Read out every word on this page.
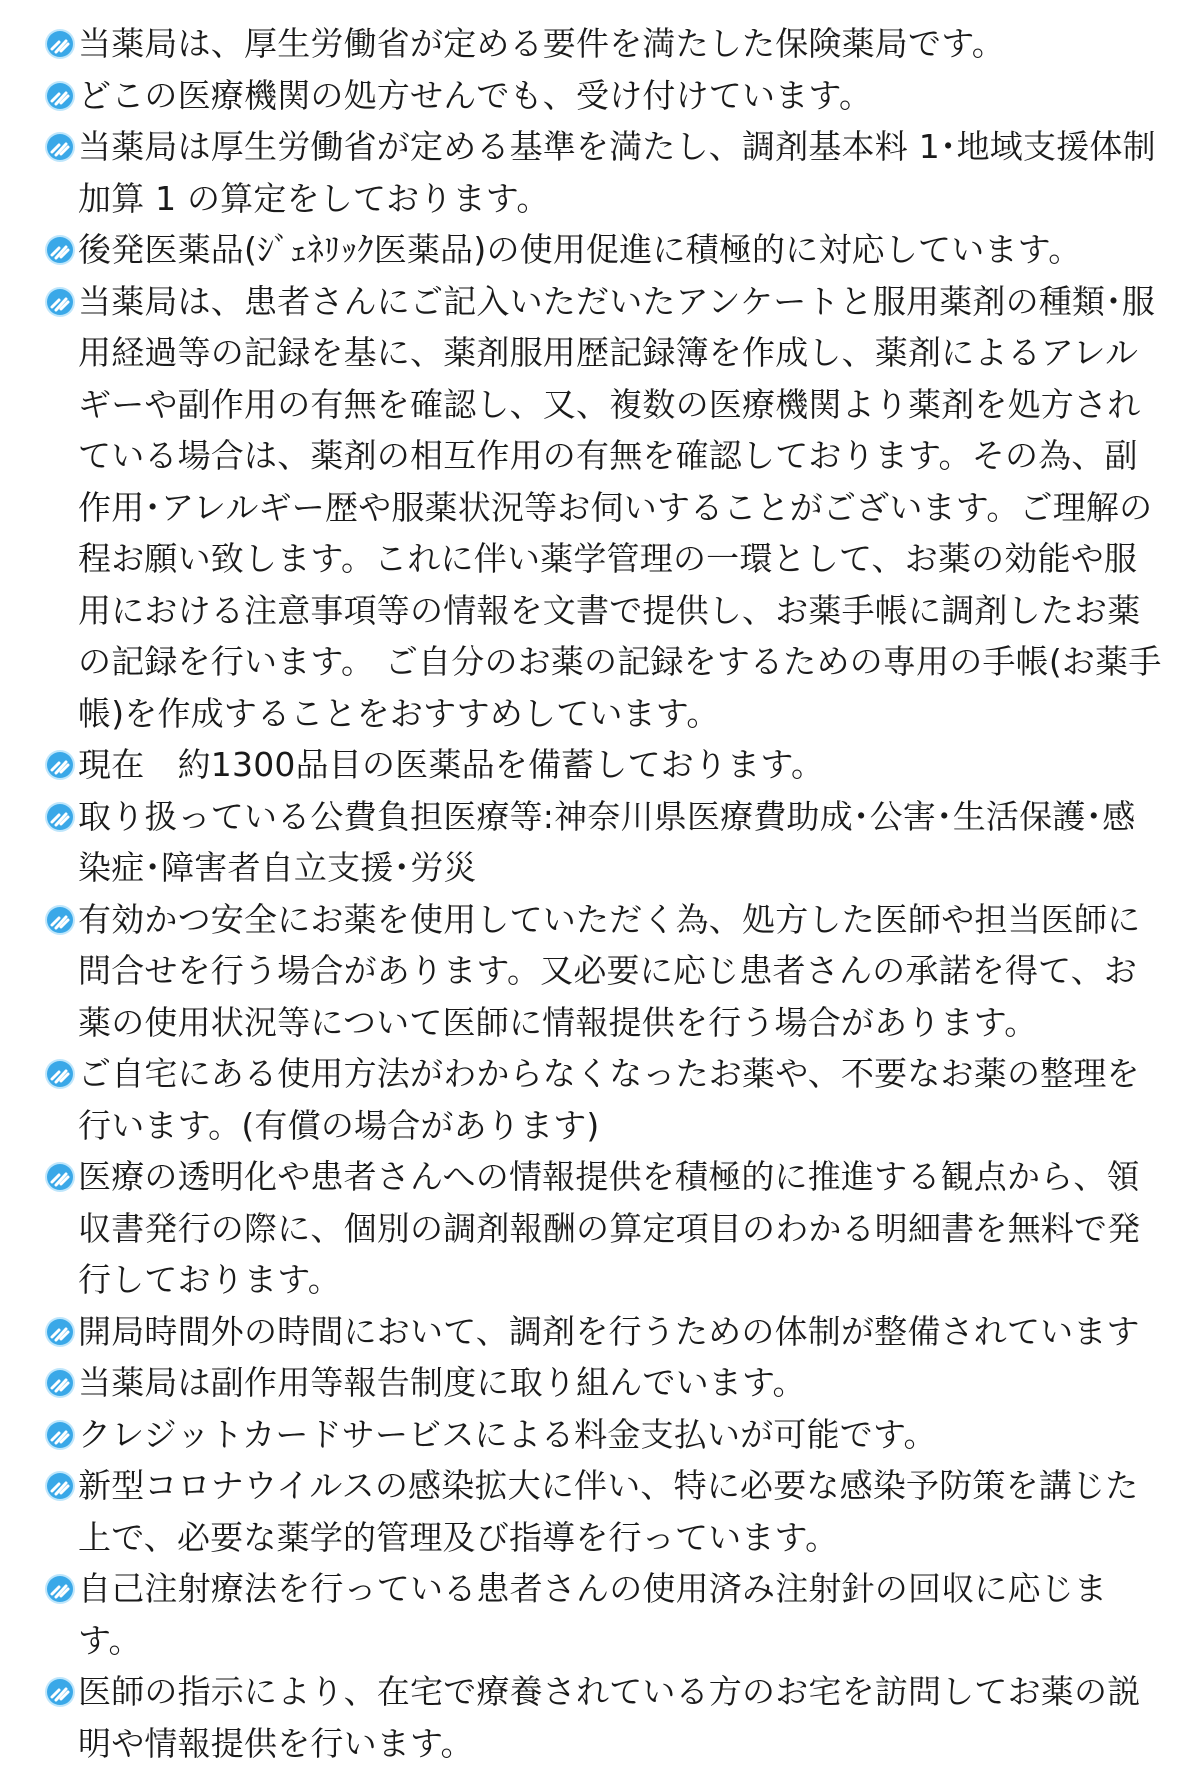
当薬局は、厚生労働省が定める要件を満たした保険薬局です。
どこの医療機関の処方せんでも、受け付けています。
当薬局は厚生労働省が定める基準を満たし、調剤基本料 1･地域支援体制加算 1 の算定をしております。
後発医薬品(ｼﾞｪﾈﾘｯｸ医薬品)の使用促進に積極的に対応しています。
当薬局は、患者さんにご記入いただいたアンケートと服用薬剤の種類･服用経過等の記録を基に、薬剤服用歴記録簿を作成し、薬剤によるアレルギーや副作用の有無を確認し、又、複数の医療機関より薬剤を処方されている場合は、薬剤の相互作用の有無を確認しております。その為、副作用･アレルギー歴や服薬状況等お伺いすることがございます。ご理解の程お願い致します。これに伴い薬学管理の一環として、お薬の効能や服用における注意事項等の情報を文書で提供し、お薬手帳に調剤したお薬の記録を行います。 ご自分のお薬の記録をするための専用の手帳(お薬手帳)を作成することをおすすめしています。
現在　約1300品目の医薬品を備蓄しております。
取り扱っている公費負担医療等:神奈川県医療費助成･公害･生活保護･感染症･障害者自立支援･労災
有効かつ安全にお薬を使用していただく為、処方した医師や担当医師に問合せを行う場合があります。又必要に応じ患者さんの承諾を得て、お薬の使用状況等について医師に情報提供を行う場合があります。
ご自宅にある使用方法がわからなくなったお薬や、不要なお薬の整理を行います。(有償の場合があります)
医療の透明化や患者さんへの情報提供を積極的に推進する観点から、領収書発行の際に、個別の調剤報酬の算定項目のわかる明細書を無料で発行しております。
開局時間外の時間において、調剤を行うための体制が整備されています
当薬局は副作用等報告制度に取り組んでいます。
クレジットカードサービスによる料金支払いが可能です。
新型コロナウイルスの感染拡大に伴い、特に必要な感染予防策を講じた上で、必要な薬学的管理及び指導を行っています。
自己注射療法を行っている患者さんの使用済み注射針の回収に応じます。
医師の指示により、在宅で療養されている方のお宅を訪問してお薬の説明や情報提供を行います。
